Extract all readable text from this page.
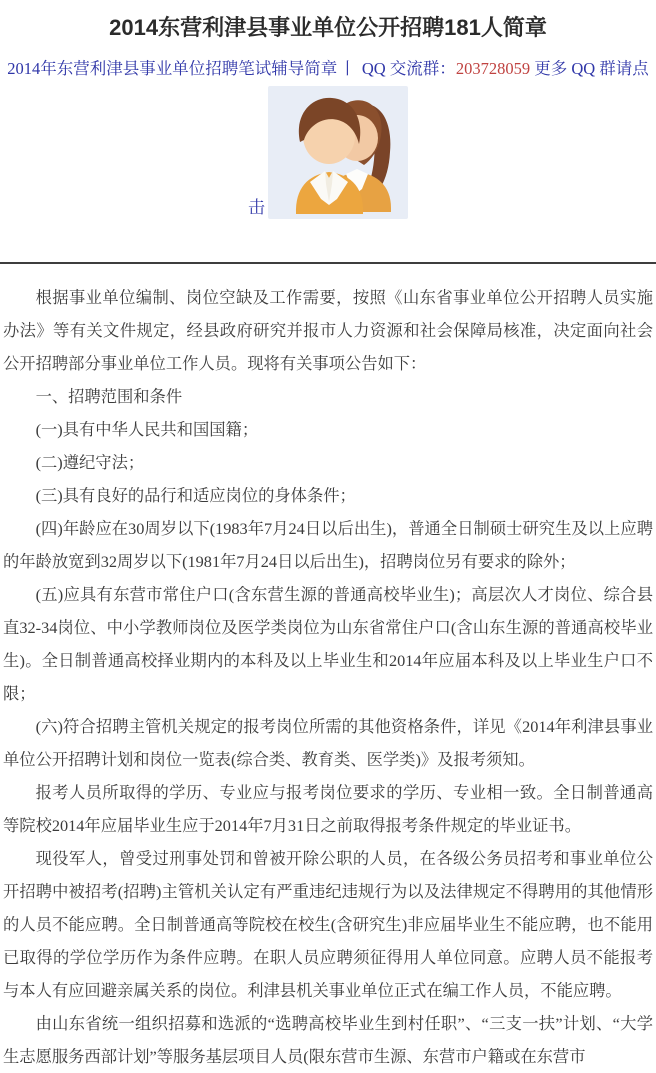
2014东营利津县事业单位公开招聘181人简章
2014年东营利津县事业单位招聘笔试辅导简章 丨 QQ 交流群：203728059 更多 QQ 群请点
击

根据事业单位编制、岗位空缺及工作需要，按照《山东省事业单位公开招聘人员实施办法》等有关文件规定，经县政府研究并报市人力资源和社会保障局核准，决定面向社会公开招聘部分事业单位工作人员。现将有关事项公告如下：

一、招聘范围和条件

(一)具有中华人民共和国国籍；

(二)遵纪守法；

(三)具有良好的品行和适应岗位的身体条件；

(四)年龄应在30周岁以下(1983年7月24日以后出生)，普通全日制硕士研究生及以上应聘的年龄放宽到32周岁以下(1981年7月24日以后出生)，招聘岗位另有要求的除外；

(五)应具有东营市常住户口(含东营生源的普通高校毕业生)；高层次人才岗位、综合县直32-34岗位、中小学教师岗位及医学类岗位为山东省常住户口(含山东生源的普通高校毕业生)。全日制普通高校择业期内的本科及以上毕业生和2014年应届本科及以上毕业生户口不限；

(六)符合招聘主管机关规定的报考岗位所需的其他资格条件，详见《2014年利津县事业单位公开招聘计划和岗位一览表(综合类、教育类、医学类)》及报考须知。

报考人员所取得的学历、专业应与报考岗位要求的学历、专业相一致。全日制普通高等院校2014年应届毕业生应于2014年7月31日之前取得报考条件规定的毕业证书。

现役军人，曾受过刑事处罚和曾被开除公职的人员，在各级公务员招考和事业单位公开招聘中被招考(招聘)主管机关认定有严重违纪违规行为以及法律规定不得聘用的其他情形的人员不能应聘。全日制普通高等院校在校生(含研究生)非应届毕业生不能应聘，也不能用已取得的学位学历作为条件应聘。在职人员应聘须征得用人单位同意。应聘人员不能报考与本人有应回避亲属关系的岗位。利津县机关事业单位正式在编工作人员，不能应聘。

由山东省统一组织招募和选派的“选聘高校毕业生到村任职”、“三支一扶”计划、“大学生志愿服务西部计划”等服务基层项目人员(限东营市生源、东营市户籍或在东营市
